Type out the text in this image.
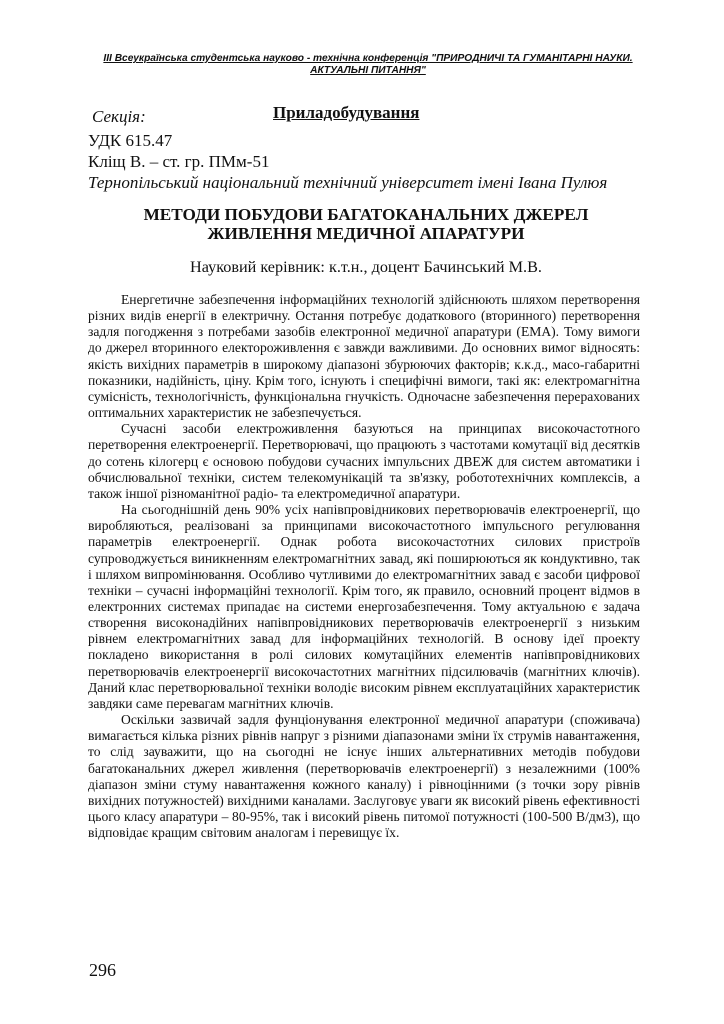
ІІІ Всеукраїнська студентська науково - технічна конференція "ПРИРОДНИЧІ ТА ГУМАНІТАРНІ НАУКИ.
АКТУАЛЬНІ ПИТАННЯ"
Секція:	Приладобудування
УДК 615.47
Кліщ В. – ст. гр. ПМм-51
Тернопільський національний технічний університет імені Івана Пулюя
МЕТОДИ ПОБУДОВИ БАГАТОКАНАЛЬНИХ ДЖЕРЕЛ
ЖИВЛЕННЯ МЕДИЧНОЇ АПАРАТУРИ
Науковий керівник: к.т.н., доцент Бачинський М.В.

Енергетичне забезпечення інформаційних технологій здійснюють шляхом перетворення різних видів енергії в електричну. Остання потребує додаткового (вторинного) перетворення задля погодження з потребами зазобів електронної медичної апаратури (ЕМА). Тому вимоги до джерел вторинного електороживлення є завжди важливими. До основних вимог відносять: якість вихідних параметрів в широкому діапазоні збурюючих факторів; к.к.д., масо-габаритні показники, надійність, ціну. Крім того, існують і специфічні вимоги, такі як: електромагнітна сумісність, технологічність, функціональна гнучкість. Одночасне забезпечення перерахованих оптимальних характеристик не забезпечується.

Сучасні засоби електроживлення базуються на принципах високочастотного перетворення електроенергії. Перетворювачі, що працюють з частотами комутації від десятків до сотень кілогерц є основою побудови сучасних імпульсних ДВЕЖ для систем автоматики і обчислювальної техніки, систем телекомунікацій та зв'язку, робототехнічних комплексів, а також іншої різноманітної радіо- та електромедичної апаратури.

На сьогоднішній день 90% усіх напівпровідникових перетворювачів електроенергії, що виробляються, реалізовані за принципами високочастотного імпульсного регулювання параметрів електроенергії. Однак робота високочастотних силових пристроїв супроводжується виникненням електромагнітних завад, які поширюються як кондуктивно, так і шляхом випромінювання. Особливо чутливими до електромагнітних завад є засоби цифрової техніки – сучасні інформаційні технології. Крім того, як правило, основний процент відмов в електронних системах припадає на системи енергозабезпечення. Тому актуальною є задача створення високонадійних напівпровідникових перетворювачів електроенергії з низьким рівнем електромагнітних завад для інформаційних технологій. В основу ідеї проекту покладено використання в ролі силових комутаційних елементів напівпровідникових перетворювачів електроенергії високочастотних магнітних підсилювачів (магнітних ключів). Даний клас перетворювальної техніки володіє високим рівнем експлуатаційних характеристик завдяки саме перевагам магнітних ключів.

Оскільки зазвичай задля фунціонування електронної медичної апаратури (споживача) вимагається кілька різних рівнів напруг з різними діапазонами зміни їх струмів навантаження, то слід зауважити, що на сьогодні не існує інших альтернативних методів побудови багатоканальних джерел живлення (перетворювачів електроенергії) з незалежними (100% діапазон зміни стуму навантаження кожного каналу) і рівноцінними (з точки зору рівнів вихідних потужностей) вихідними каналами. Заслуговує уваги як високий рівень ефективності цього класу апаратури – 80-95%, так і високий рівень питомої потужності (100-500 В/дм3), що відповідає кращим світовим аналогам і перевищує їх.

296
